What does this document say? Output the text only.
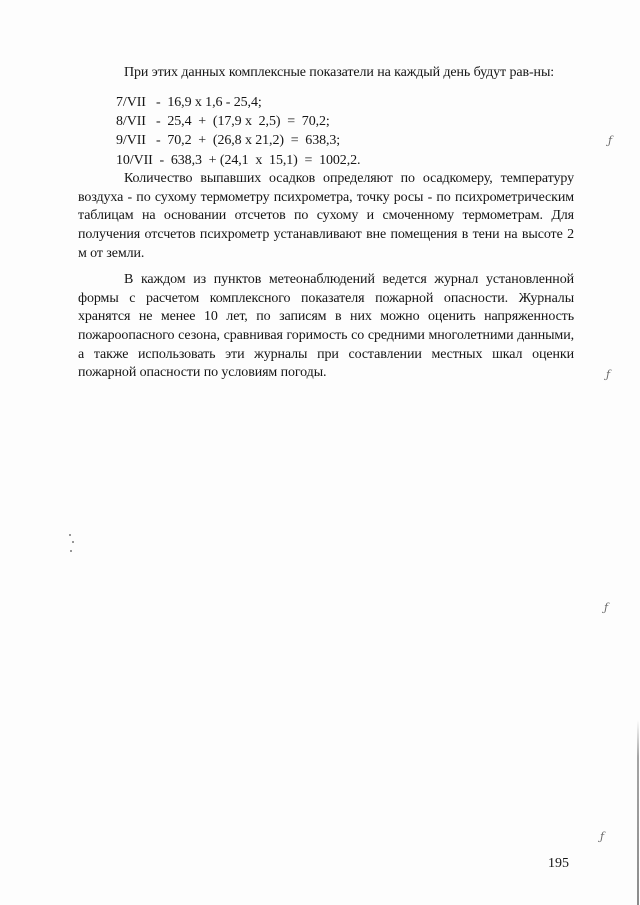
При этих данных комплексные показатели на каждый день будут рав-ны:

7/VII   -  16,9 x 1,6 - 25,4;
8/VII   -  25,4  +  (17,9 x  2,5)  =  70,2;
9/VII   -  70,2  +  (26,8 x 21,2)  =  638,3;
10/VII  -  638,3  + (24,1  x  15,1)  =  1002,2.

Количество выпавших осадков определяют по осадкомеру, температуру воздуха - по сухому термометру психрометра, точку росы - по психрометрическим таблицам на основании отсчетов по сухому и смоченному термометрам. Для получения отсчетов психрометр устанавливают вне помещения в тени на высоте 2 м от земли.

В каждом из пунктов метеонаблюдений ведется журнал установленной формы с расчетом комплексного показателя пожарной опасности. Журналы хранятся не менее 10 лет, по записям в них можно оценить напряженность пожароопасного сезона, сравнивая горимость со средними многолетними данными, а также использовать эти журналы при составлении местных шкал оценки пожарной опасности по условиям погоды.

195
ƒ
ƒ
ƒ
ƒ
